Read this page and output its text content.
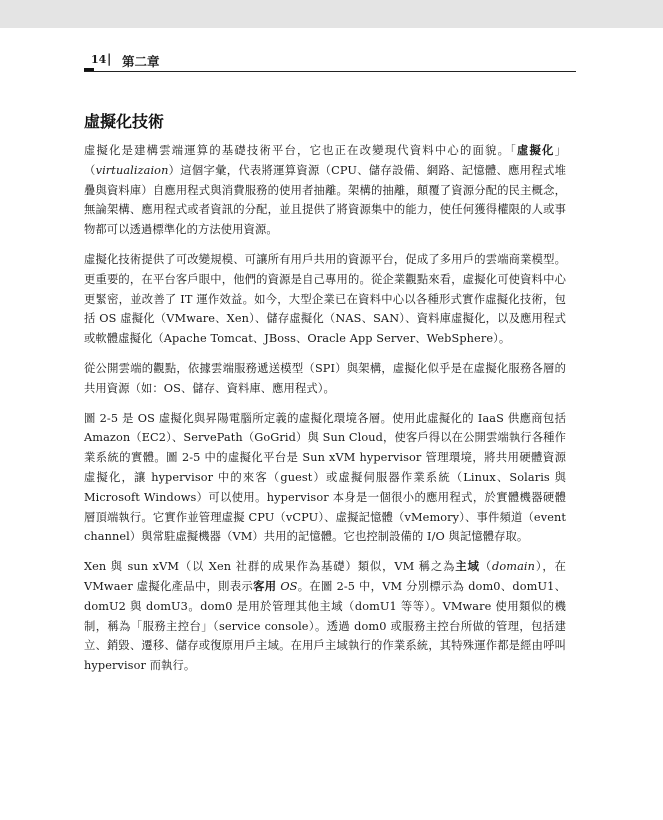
14 | 第二章
虛擬化技術

虛擬化是建構雲端運算的基礎技術平台，它也正在改變現代資料中心的面貌。「虛擬化」（virtualizaion）這個字彙，代表將運算資源（CPU、儲存設備、網路、記憶體、應用程式堆疊與資料庫）自應用程式與消費服務的使用者抽離。架構的抽離，顛覆了資源分配的民主概念，無論架構、應用程式或者資訊的分配，並且提供了將資源集中的能力，使任何獲得權限的人或事物都可以透過標準化的方法使用資源。

虛擬化技術提供了可改變規模、可讓所有用戶共用的資源平台，促成了多用戶的雲端商業模型。更重要的，在平台客戶眼中，他們的資源是自己專用的。從企業觀點來看，虛擬化可使資料中心更緊密，並改善了 IT 運作效益。如今，大型企業已在資料中心以各種形式實作虛擬化技術，包括 OS 虛擬化（VMware、Xen）、儲存虛擬化（NAS、SAN）、資料庫虛擬化，以及應用程式或軟體虛擬化（Apache Tomcat、JBoss、Oracle App Server、WebSphere）。

從公開雲端的觀點，依據雲端服務遞送模型（SPI）與架構，虛擬化似乎是在虛擬化服務各層的共用資源（如：OS、儲存、資料庫、應用程式）。

圖 2-5 是 OS 虛擬化與昇陽電腦所定義的虛擬化環境各層。使用此虛擬化的 IaaS 供應商包括 Amazon（EC2）、ServePath（GoGrid）與 Sun Cloud，使客戶得以在公開雲端執行各種作業系統的實體。圖 2-5 中的虛擬化平台是 Sun xVM hypervisor 管理環境，將共用硬體資源虛擬化，讓 hypervisor 中的來客（guest）或虛擬伺服器作業系統（Linux、Solaris 與 Microsoft Windows）可以使用。hypervisor 本身是一個很小的應用程式，於實體機器硬體層頂端執行。它實作並管理虛擬 CPU（vCPU）、虛擬記憶體（vMemory）、事件頻道（event channel）與常駐虛擬機器（VM）共用的記憶體。它也控制設備的 I/O 與記憶體存取。

Xen 與 sun xVM（以 Xen 社群的成果作為基礎）類似，VM 稱之為主域（domain），在 VMwaer 虛擬化產品中，則表示客用 OS。在圖 2-5 中，VM 分別標示為 dom0、domU1、domU2 與 domU3。dom0 是用於管理其他主域（domU1 等等）。VMware 使用類似的機制，稱為「服務主控台」（service console）。透過 dom0 或服務主控台所做的管理，包括建立、銷毀、遷移、儲存或復原用戶主域。在用戶主域執行的作業系統，其特殊運作都是經由呼叫 hypervisor 而執行。
